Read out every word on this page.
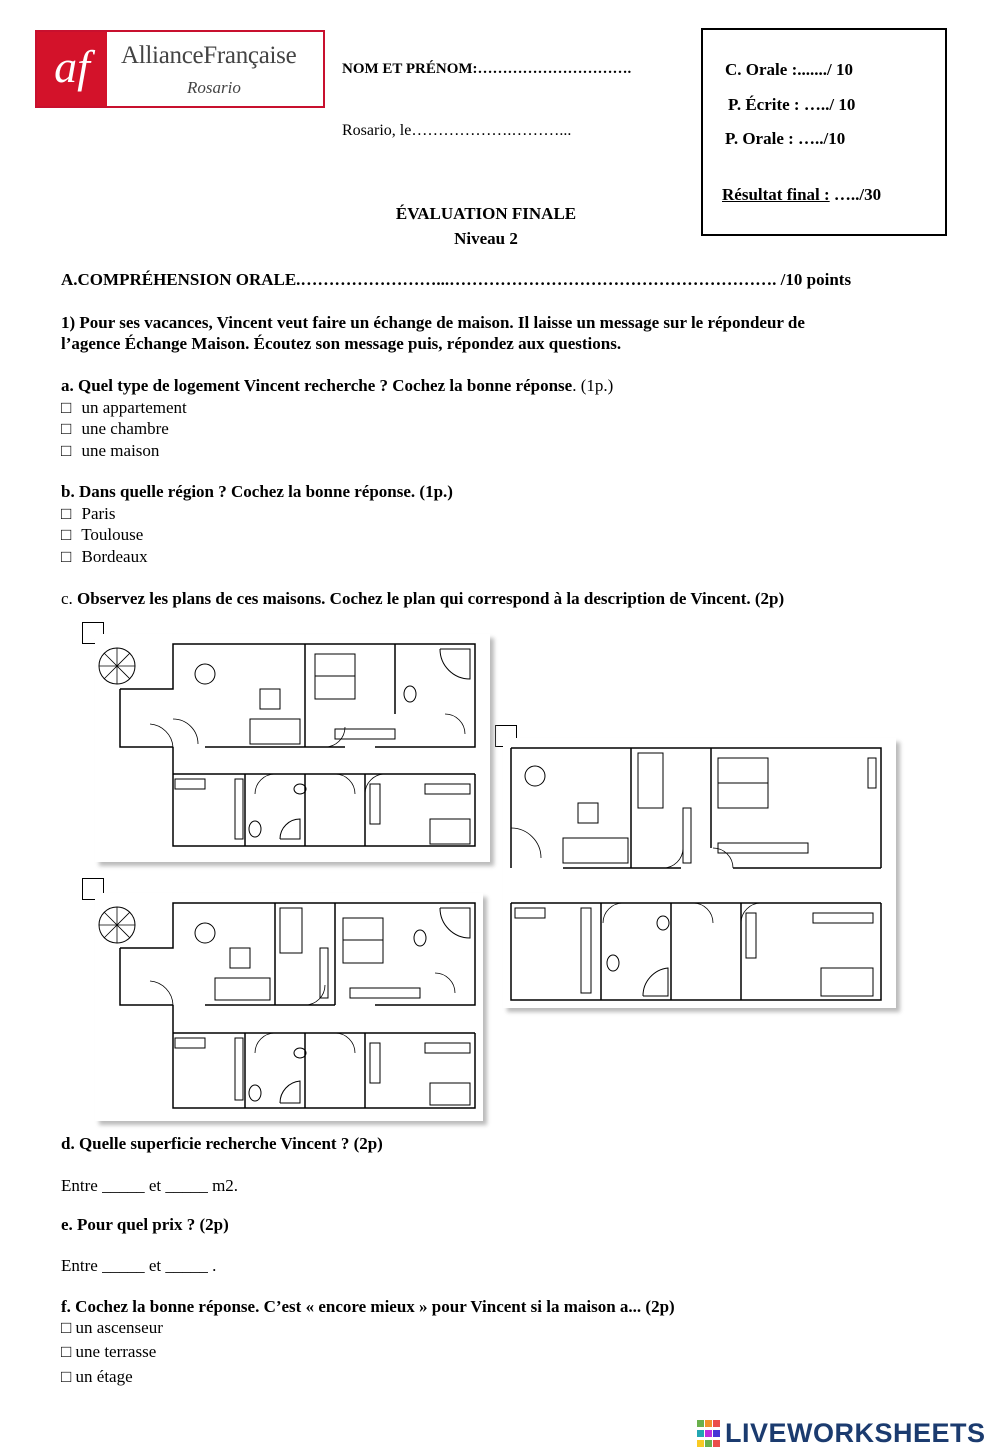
af	AllianceFrançaise
Rosario
NOM ET PRÉNOM:………………………….
Rosario, le……………….………...
C. Orale :......./ 10
P. Écrite : …../ 10
P. Orale : …../10
Résultat final : …../30
ÉVALUATION FINALE
Niveau 2
A.COMPRÉHENSION ORALE.……………………...…………………………………………………. /10 points
1) Pour ses vacances, Vincent veut faire un échange de maison. Il laisse un message sur le répondeur de
l’agence Échange Maison. Écoutez son message puis, répondez aux questions.
a. Quel type de logement Vincent recherche ? Cochez la bonne réponse. (1p.)
□ un appartement
□ une chambre
□ une maison
b. Dans quelle région ? Cochez la bonne réponse. (1p.)
□ Paris
□ Toulouse
□ Bordeaux
c. Observez les plans de ces maisons. Cochez le plan qui correspond à la description de Vincent. (2p)
d. Quelle superficie recherche Vincent ? (2p)
Entre _____ et _____ m2.
e. Pour quel prix ? (2p)
Entre _____ et _____ .
f. Cochez la bonne réponse. C’est « encore mieux » pour Vincent si la maison a... (2p)
□ un ascenseur
□ une terrasse
□ un étage
LIVEWORKSHEETS
